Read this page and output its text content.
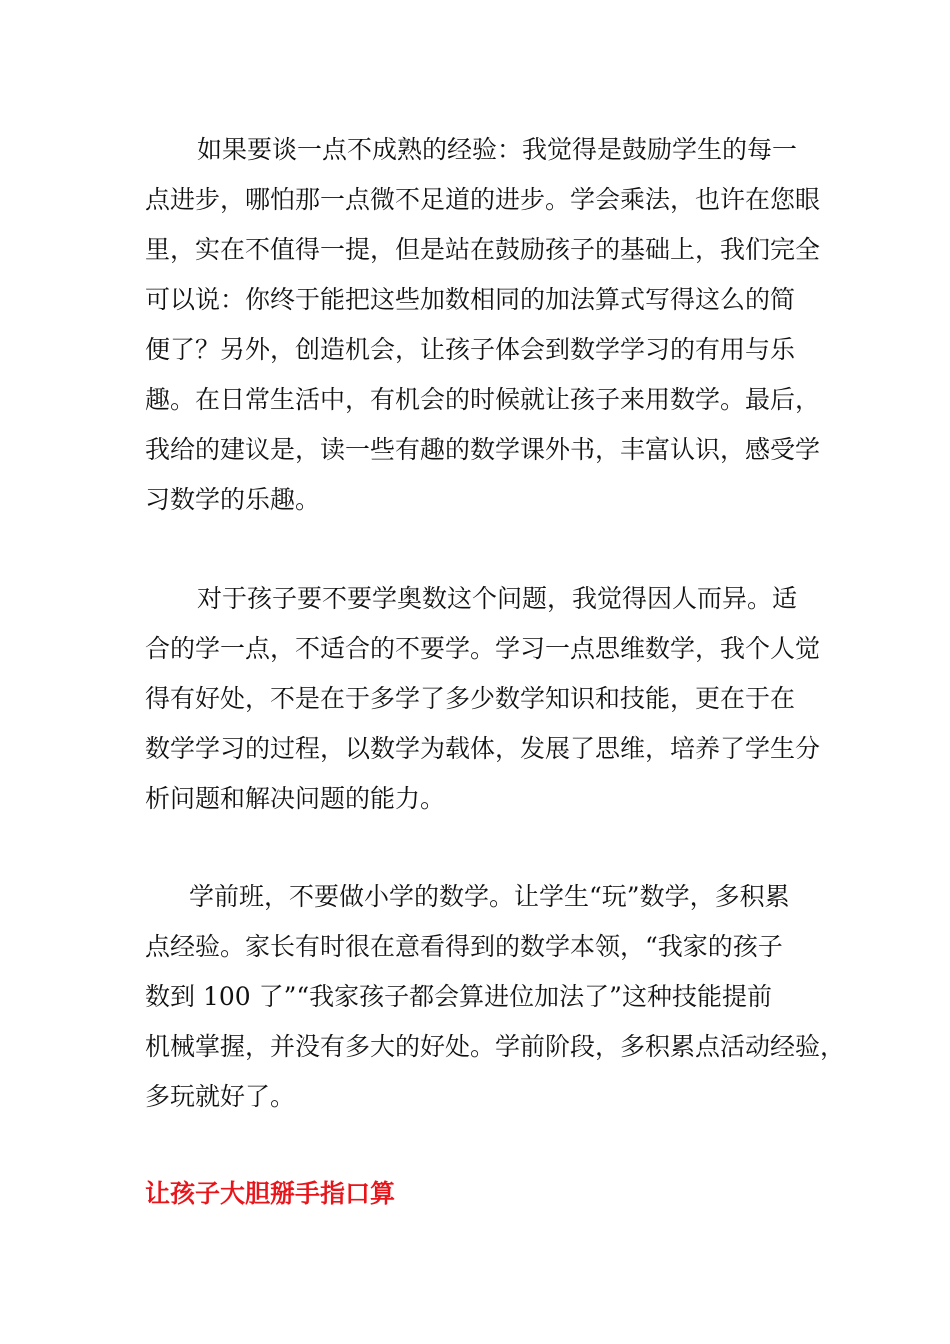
如果要谈一点不成熟的经验：我觉得是鼓励学生的每一
点进步，哪怕那一点微不足道的进步。学会乘法，也许在您眼
里，实在不值得一提，但是站在鼓励孩子的基础上，我们完全
可以说：你终于能把这些加数相同的加法算式写得这么的简
便了？另外，创造机会，让孩子体会到数学学习的有用与乐
趣。在日常生活中，有机会的时候就让孩子来用数学。最后，
我给的建议是，读一些有趣的数学课外书，丰富认识，感受学
习数学的乐趣。
对于孩子要不要学奥数这个问题，我觉得因人而异。适
合的学一点，不适合的不要学。学习一点思维数学，我个人觉
得有好处，不是在于多学了多少数学知识和技能，更在于在
数学学习的过程，以数学为载体，发展了思维，培养了学生分
析问题和解决问题的能力。
学前班，不要做小学的数学。让学生“玩”数学，多积累
点经验。家长有时很在意看得到的数学本领，“我家的孩子
数到 100 了”“我家孩子都会算进位加法了”这种技能提前
机械掌握，并没有多大的好处。学前阶段，多积累点活动经验，
多玩就好了。
让孩子大胆掰手指口算
